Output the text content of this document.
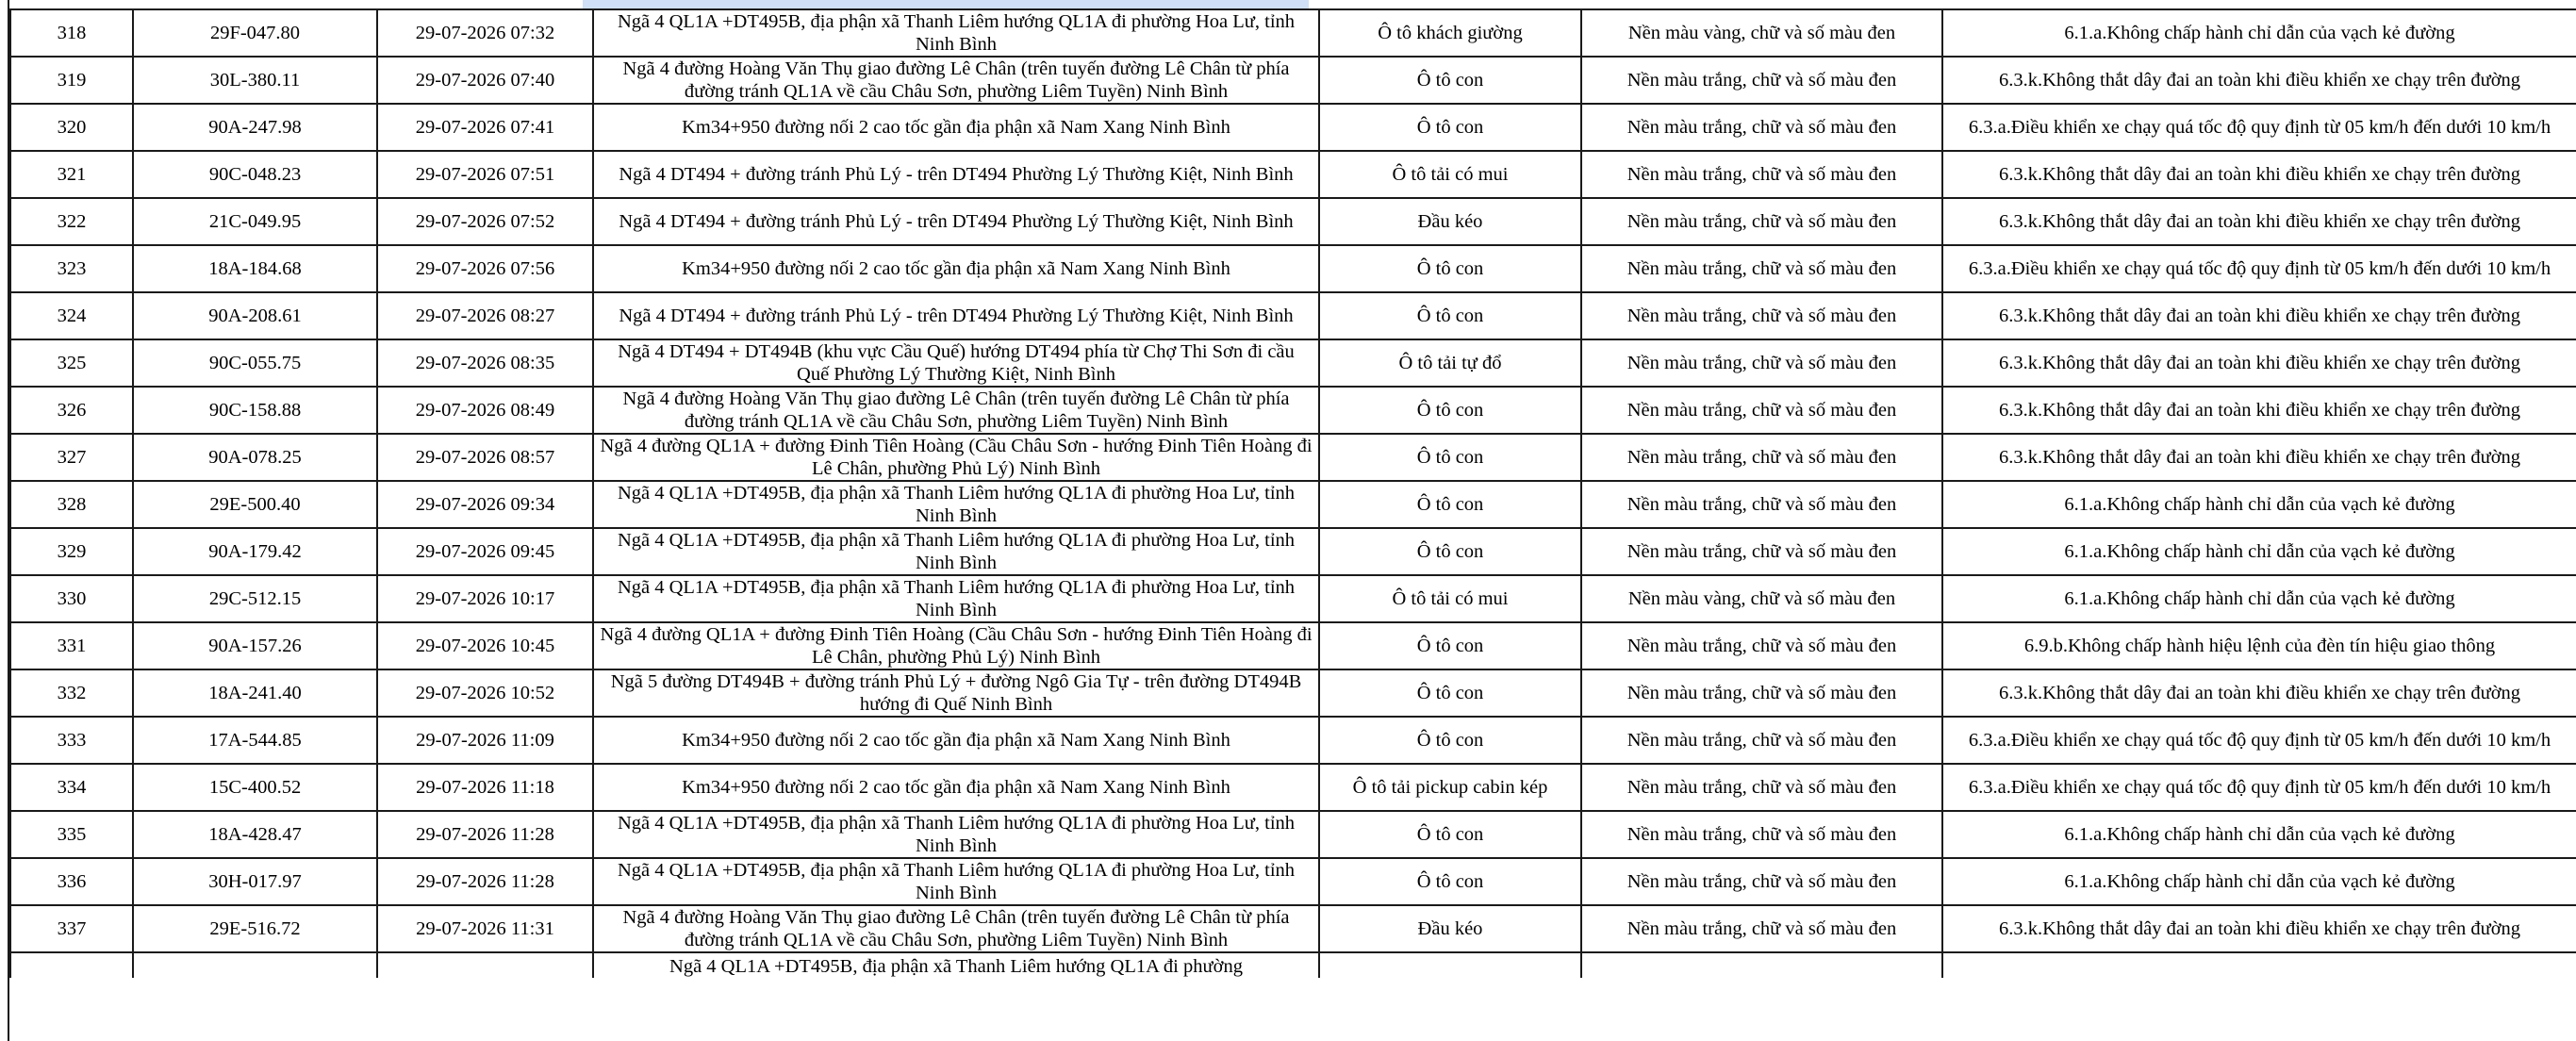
318	29F-047.80	29-07-2026 07:32	Ngã 4 QL1A +DT495B, địa phận xã Thanh Liêm hướng QL1A đi phường Hoa Lư, tỉnh Ninh Bình	Ô tô khách giường	Nền màu vàng, chữ và số màu đen	6.1.a.Không chấp hành chỉ dẫn của vạch kẻ đường
319	30L-380.11	29-07-2026 07:40	Ngã 4 đường Hoàng Văn Thụ giao đường Lê Chân (trên tuyến đường Lê Chân từ phía đường tránh QL1A về cầu Châu Sơn, phường Liêm Tuyền) Ninh Bình	Ô tô con	Nền màu trắng, chữ và số màu đen	6.3.k.Không thắt dây đai an toàn khi điều khiển xe chạy trên đường
320	90A-247.98	29-07-2026 07:41	Km34+950 đường nối 2 cao tốc gần địa phận xã Nam Xang Ninh Bình	Ô tô con	Nền màu trắng, chữ và số màu đen	6.3.a.Điều khiển xe chạy quá tốc độ quy định từ 05 km/h đến dưới 10 km/h
321	90C-048.23	29-07-2026 07:51	Ngã 4 DT494 + đường tránh Phủ Lý - trên DT494 Phường Lý Thường Kiệt, Ninh Bình	Ô tô tải có mui	Nền màu trắng, chữ và số màu đen	6.3.k.Không thắt dây đai an toàn khi điều khiển xe chạy trên đường
322	21C-049.95	29-07-2026 07:52	Ngã 4 DT494 + đường tránh Phủ Lý - trên DT494 Phường Lý Thường Kiệt, Ninh Bình	Đầu kéo	Nền màu trắng, chữ và số màu đen	6.3.k.Không thắt dây đai an toàn khi điều khiển xe chạy trên đường
323	18A-184.68	29-07-2026 07:56	Km34+950 đường nối 2 cao tốc gần địa phận xã Nam Xang Ninh Bình	Ô tô con	Nền màu trắng, chữ và số màu đen	6.3.a.Điều khiển xe chạy quá tốc độ quy định từ 05 km/h đến dưới 10 km/h
324	90A-208.61	29-07-2026 08:27	Ngã 4 DT494 + đường tránh Phủ Lý - trên DT494 Phường Lý Thường Kiệt, Ninh Bình	Ô tô con	Nền màu trắng, chữ và số màu đen	6.3.k.Không thắt dây đai an toàn khi điều khiển xe chạy trên đường
325	90C-055.75	29-07-2026 08:35	Ngã 4 DT494 + DT494B (khu vực Cầu Quế) hướng DT494 phía từ Chợ Thi Sơn đi cầu Quế Phường Lý Thường Kiệt, Ninh Bình	Ô tô tải tự đổ	Nền màu trắng, chữ và số màu đen	6.3.k.Không thắt dây đai an toàn khi điều khiển xe chạy trên đường
326	90C-158.88	29-07-2026 08:49	Ngã 4 đường Hoàng Văn Thụ giao đường Lê Chân (trên tuyến đường Lê Chân từ phía đường tránh QL1A về cầu Châu Sơn, phường Liêm Tuyền) Ninh Bình	Ô tô con	Nền màu trắng, chữ và số màu đen	6.3.k.Không thắt dây đai an toàn khi điều khiển xe chạy trên đường
327	90A-078.25	29-07-2026 08:57	Ngã 4 đường QL1A + đường Đinh Tiên Hoàng (Cầu Châu Sơn - hướng Đinh Tiên Hoàng đi Lê Chân, phường Phủ Lý) Ninh Bình	Ô tô con	Nền màu trắng, chữ và số màu đen	6.3.k.Không thắt dây đai an toàn khi điều khiển xe chạy trên đường
328	29E-500.40	29-07-2026 09:34	Ngã 4 QL1A +DT495B, địa phận xã Thanh Liêm hướng QL1A đi phường Hoa Lư, tỉnh Ninh Bình	Ô tô con	Nền màu trắng, chữ và số màu đen	6.1.a.Không chấp hành chỉ dẫn của vạch kẻ đường
329	90A-179.42	29-07-2026 09:45	Ngã 4 QL1A +DT495B, địa phận xã Thanh Liêm hướng QL1A đi phường Hoa Lư, tỉnh Ninh Bình	Ô tô con	Nền màu trắng, chữ và số màu đen	6.1.a.Không chấp hành chỉ dẫn của vạch kẻ đường
330	29C-512.15	29-07-2026 10:17	Ngã 4 QL1A +DT495B, địa phận xã Thanh Liêm hướng QL1A đi phường Hoa Lư, tỉnh Ninh Bình	Ô tô tải có mui	Nền màu vàng, chữ và số màu đen	6.1.a.Không chấp hành chỉ dẫn của vạch kẻ đường
331	90A-157.26	29-07-2026 10:45	Ngã 4 đường QL1A + đường Đinh Tiên Hoàng (Cầu Châu Sơn - hướng Đinh Tiên Hoàng đi Lê Chân, phường Phủ Lý) Ninh Bình	Ô tô con	Nền màu trắng, chữ và số màu đen	6.9.b.Không chấp hành hiệu lệnh của đèn tín hiệu giao thông
332	18A-241.40	29-07-2026 10:52	Ngã 5 đường DT494B + đường tránh Phủ Lý + đường Ngô Gia Tự - trên đường DT494B hướng đi Quế Ninh Bình	Ô tô con	Nền màu trắng, chữ và số màu đen	6.3.k.Không thắt dây đai an toàn khi điều khiển xe chạy trên đường
333	17A-544.85	29-07-2026 11:09	Km34+950 đường nối 2 cao tốc gần địa phận xã Nam Xang Ninh Bình	Ô tô con	Nền màu trắng, chữ và số màu đen	6.3.a.Điều khiển xe chạy quá tốc độ quy định từ 05 km/h đến dưới 10 km/h
334	15C-400.52	29-07-2026 11:18	Km34+950 đường nối 2 cao tốc gần địa phận xã Nam Xang Ninh Bình	Ô tô tải pickup cabin kép	Nền màu trắng, chữ và số màu đen	6.3.a.Điều khiển xe chạy quá tốc độ quy định từ 05 km/h đến dưới 10 km/h
335	18A-428.47	29-07-2026 11:28	Ngã 4 QL1A +DT495B, địa phận xã Thanh Liêm hướng QL1A đi phường Hoa Lư, tỉnh Ninh Bình	Ô tô con	Nền màu trắng, chữ và số màu đen	6.1.a.Không chấp hành chỉ dẫn của vạch kẻ đường
336	30H-017.97	29-07-2026 11:28	Ngã 4 QL1A +DT495B, địa phận xã Thanh Liêm hướng QL1A đi phường Hoa Lư, tỉnh Ninh Bình	Ô tô con	Nền màu trắng, chữ và số màu đen	6.1.a.Không chấp hành chỉ dẫn của vạch kẻ đường
337	29E-516.72	29-07-2026 11:31	Ngã 4 đường Hoàng Văn Thụ giao đường Lê Chân (trên tuyến đường Lê Chân từ phía đường tránh QL1A về cầu Châu Sơn, phường Liêm Tuyền) Ninh Bình	Đầu kéo	Nền màu trắng, chữ và số màu đen	6.3.k.Không thắt dây đai an toàn khi điều khiển xe chạy trên đường

			Ngã 4 QL1A +DT495B, địa phận xã Thanh Liêm hướng QL1A đi phường			
